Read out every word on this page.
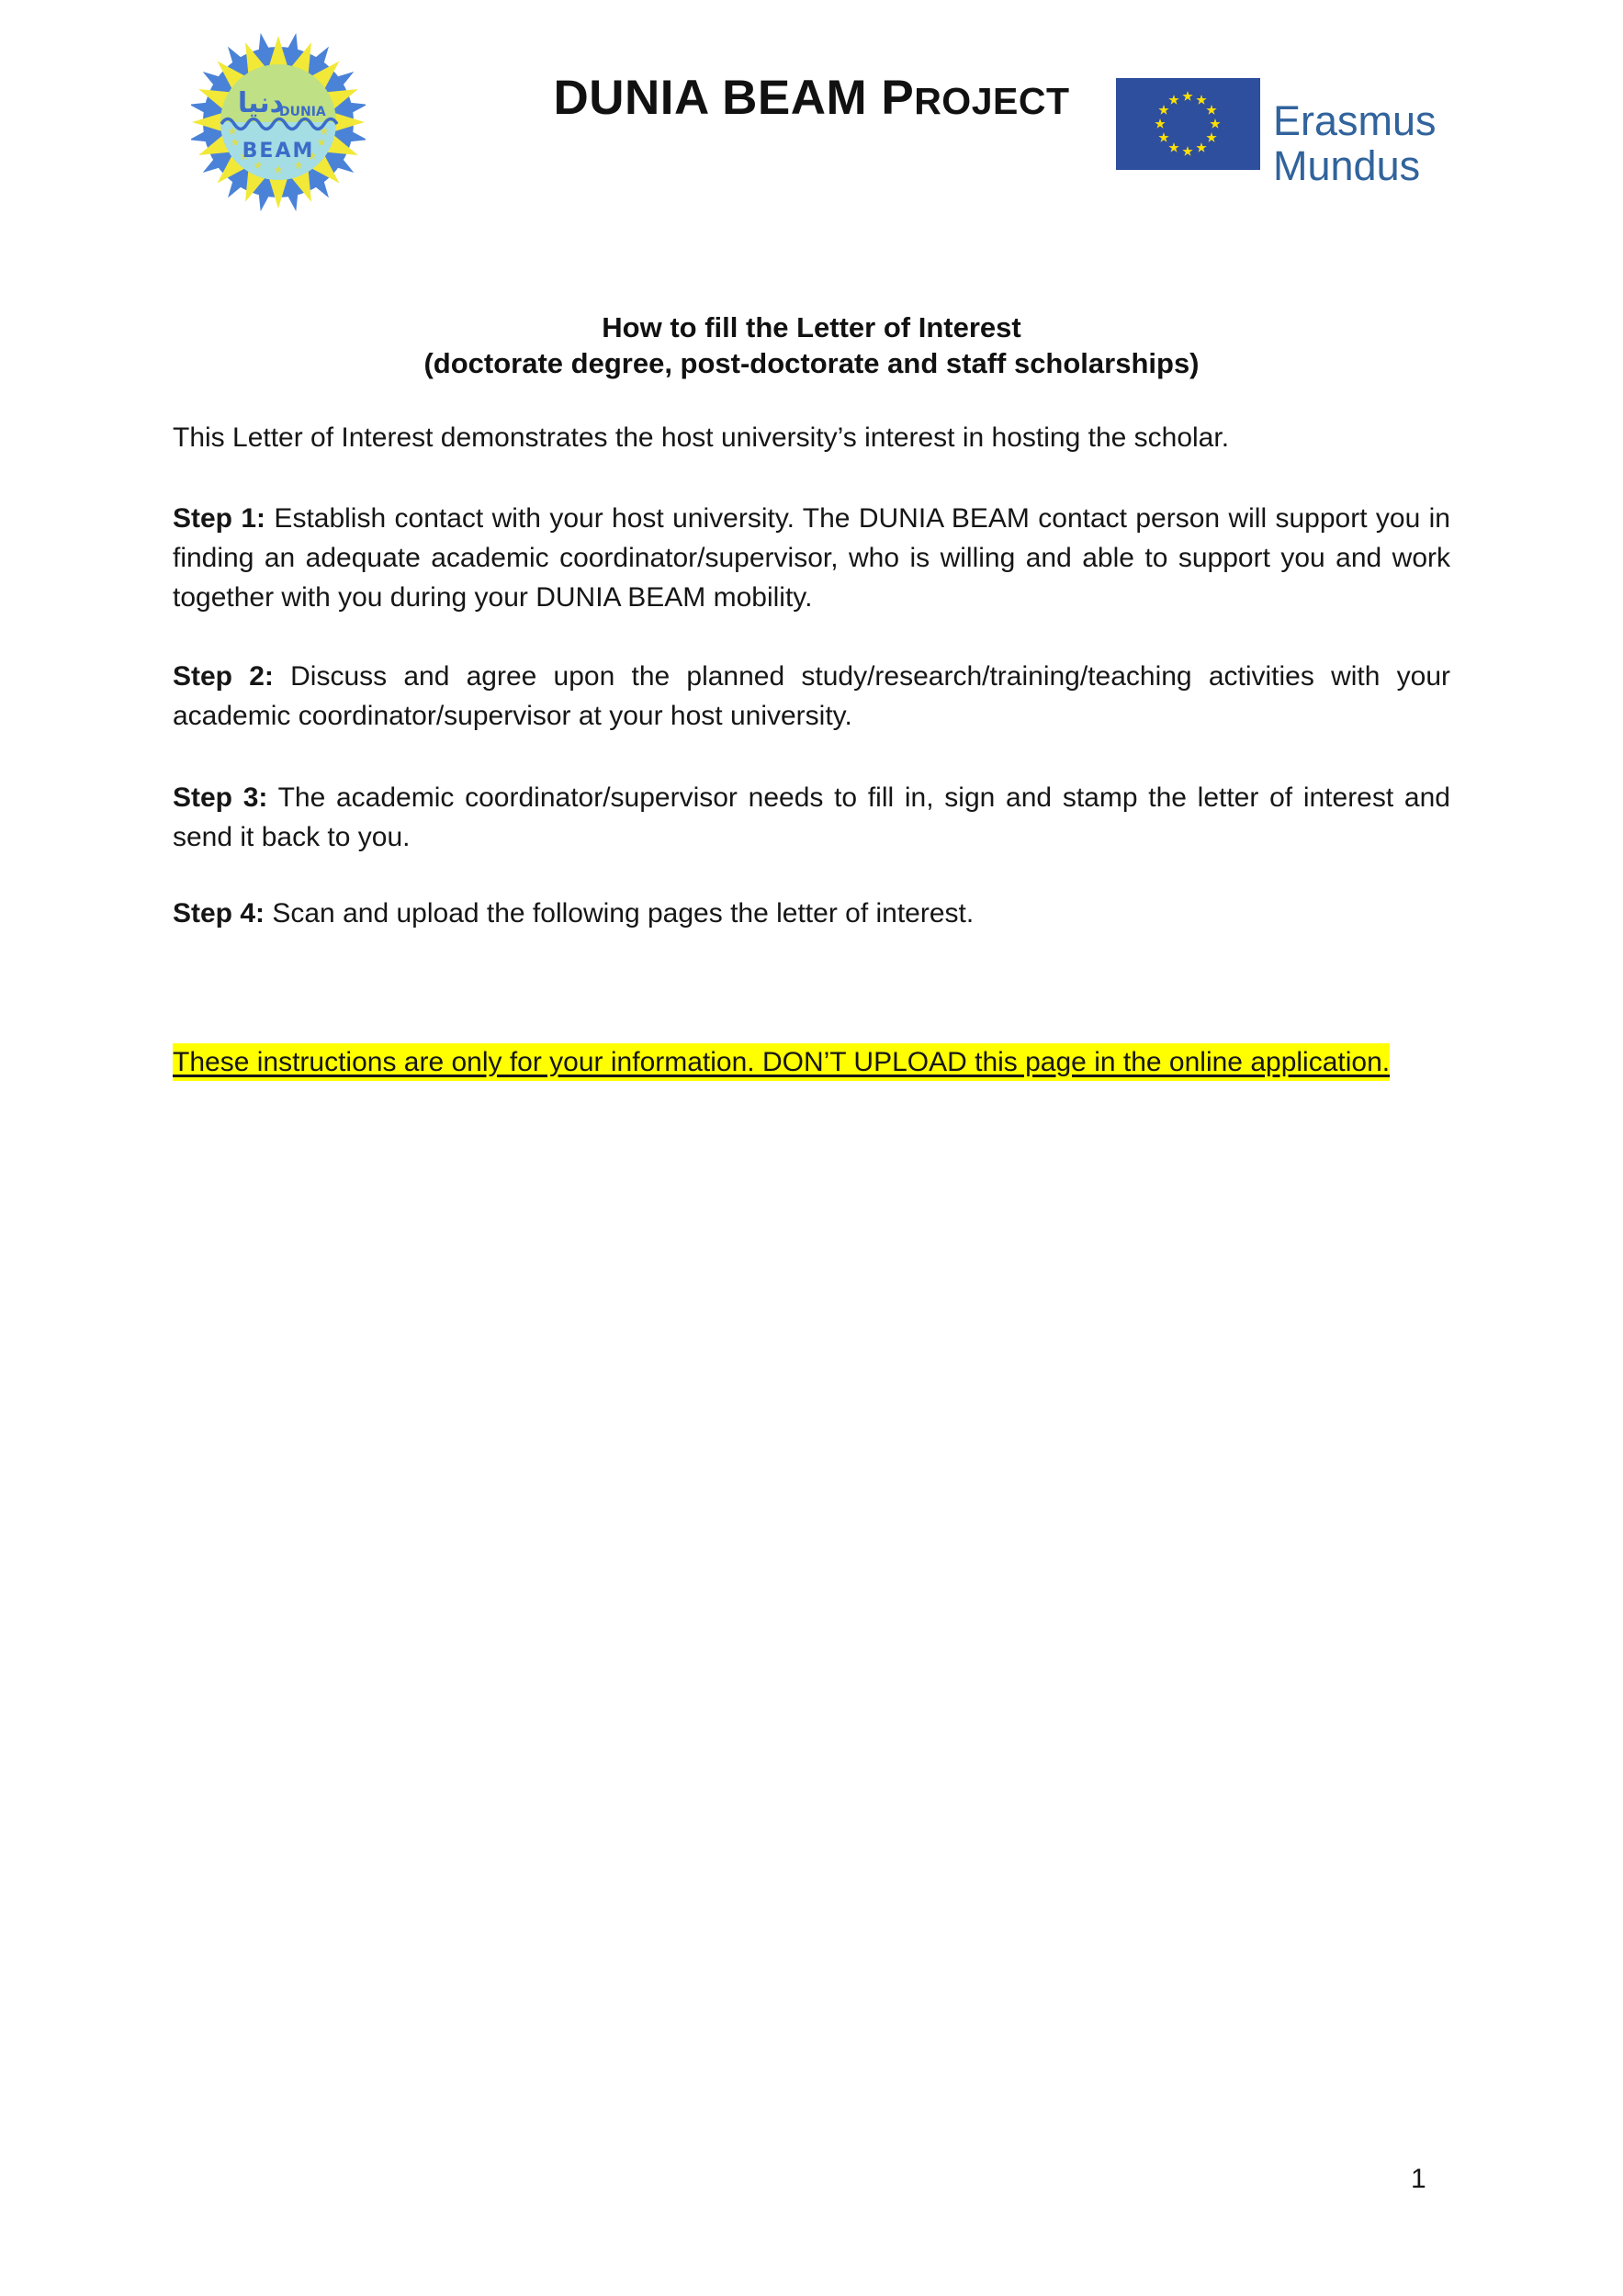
دنيا
DUNIA
BEAM
DUNIA BEAM PROJECT	Erasmus
Mundus
How to fill the Letter of Interest
(doctorate degree, post-doctorate and staff scholarships)

This Letter of Interest demonstrates the host university’s interest in hosting the scholar.

Step 1: Establish contact with your host university. The DUNIA BEAM contact person will support you in finding an adequate academic coordinator/supervisor, who is willing and able to support you and work together with you during your DUNIA BEAM mobility.

Step 2: Discuss and agree upon the planned study/research/training/teaching activities with your academic coordinator/supervisor at your host university.

Step 3: The academic coordinator/supervisor needs to fill in, sign and stamp the letter of interest and send it back to you.

Step 4: Scan and upload the following pages the letter of interest.

These instructions are only for your information. DON’T UPLOAD this page in the online application.

1
